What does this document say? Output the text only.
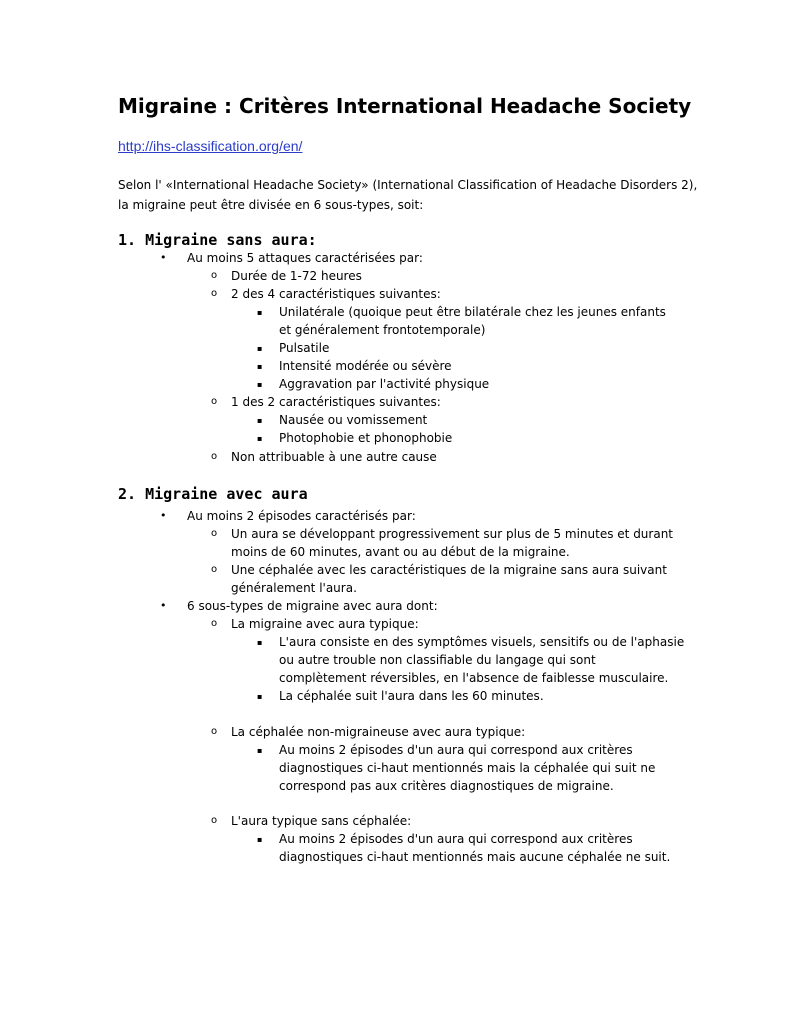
Migraine : Critères International Headache Society
http://ihs-classification.org/en/

Selon l' «International Headache Society» (International Classification of Headache Disorders 2), la migraine peut être divisée en 6 sous-types, soit:

1. Migraine sans aura:
• Au moins 5 attaques caractérisées par:
o Durée de 1-72 heures
o 2 des 4 caractéristiques suivantes:
▪ Unilatérale (quoique peut être bilatérale chez les jeunes enfants
et généralement frontotemporale)
▪ Pulsatile
▪ Intensité modérée ou sévère
▪ Aggravation par l'activité physique
o 1 des 2 caractéristiques suivantes:
▪ Nausée ou vomissement
▪ Photophobie et phonophobie
o Non attribuable à une autre cause
2. Migraine avec aura
• Au moins 2 épisodes caractérisés par:
o Un aura se développant progressivement sur plus de 5 minutes et durant
moins de 60 minutes, avant ou au début de la migraine.
o Une céphalée avec les caractéristiques de la migraine sans aura suivant
généralement l'aura.
• 6 sous-types de migraine avec aura dont:
o La migraine avec aura typique:
▪ L'aura consiste en des symptômes visuels, sensitifs ou de l'aphasie
ou autre trouble non classifiable du langage qui sont
complètement réversibles, en l'absence de faiblesse musculaire.
▪ La céphalée suit l'aura dans les 60 minutes.
o La céphalée non-migraineuse avec aura typique:
▪ Au moins 2 épisodes d'un aura qui correspond aux critères
diagnostiques ci-haut mentionnés mais la céphalée qui suit ne
correspond pas aux critères diagnostiques de migraine.
o L'aura typique sans céphalée:
▪ Au moins 2 épisodes d'un aura qui correspond aux critères
diagnostiques ci-haut mentionnés mais aucune céphalée ne suit.
